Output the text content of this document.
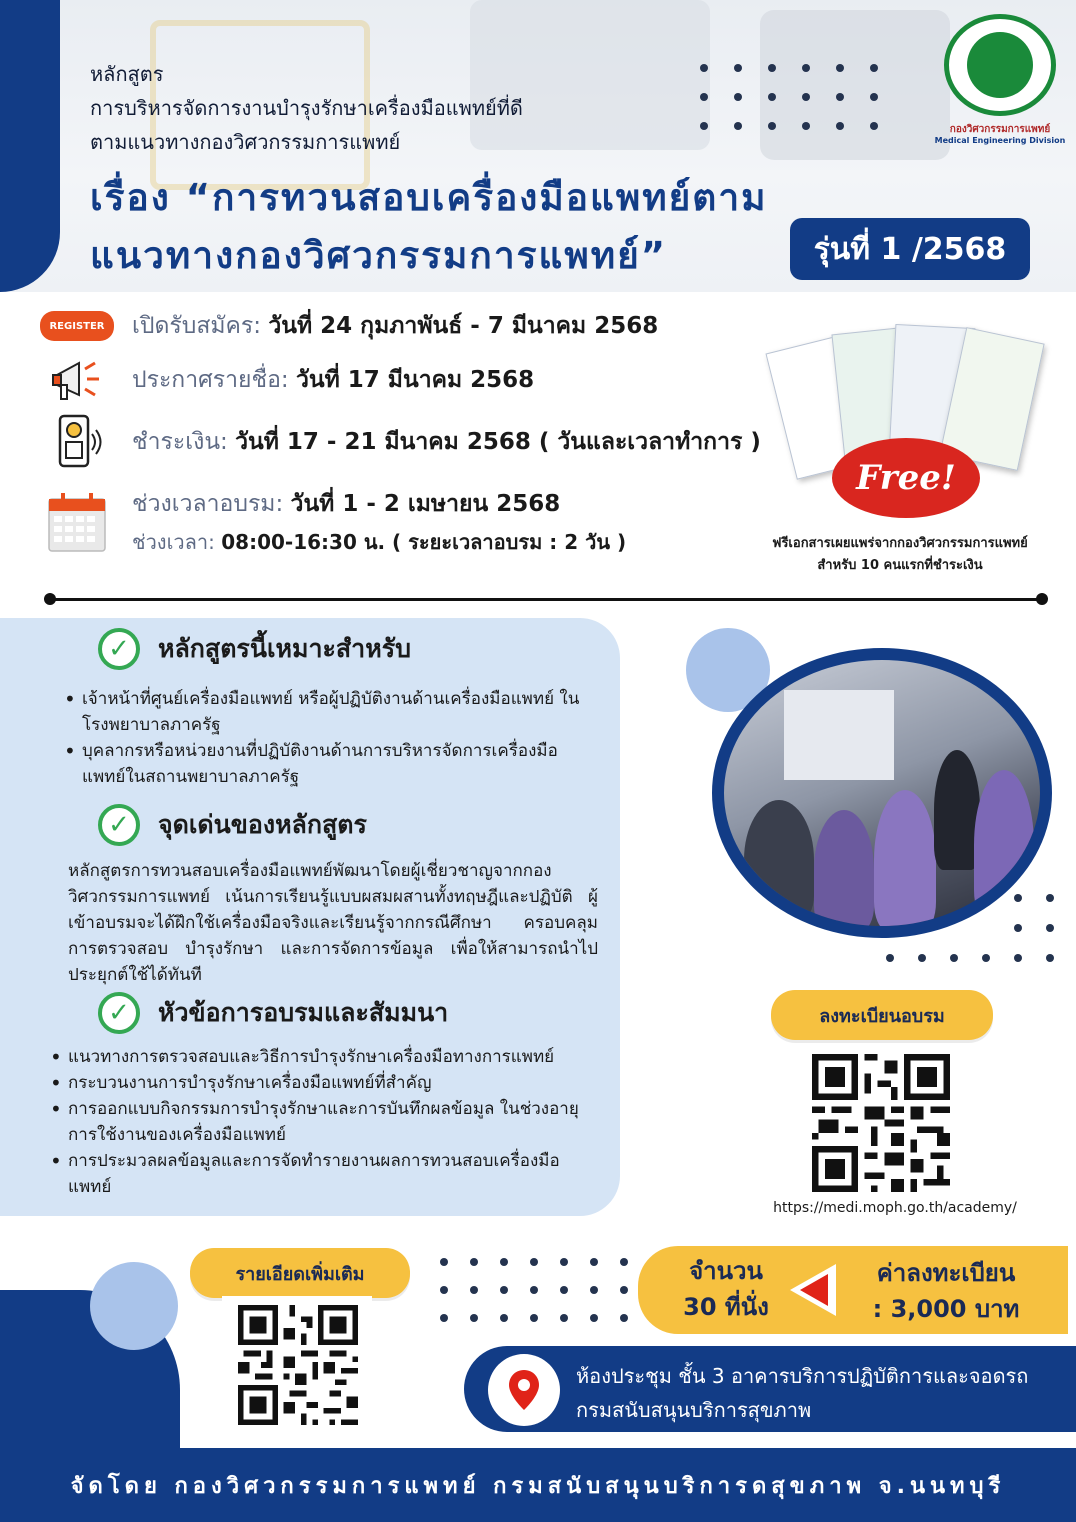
หลักสูตร
การบริหารจัดการงานบำรุงรักษาเครื่องมือแพทย์ที่ดี
ตามแนวทางกองวิศวกรรมการแพทย์
เรื่อง “การทวนสอบเครื่องมือแพทย์ตาม
แนวทางกองวิศวกรรมการแพทย์”	รุ่นที่ 1 /2568
กองวิศวกรรมการแพทย์
Medical Engineering Division
REGISTER	เปิดรับสมัคร: วันที่ 24 กุมภาพันธ์ - 7 มีนาคม 2568
ประกาศรายชื่อ: วันที่ 17 มีนาคม 2568
ชำระเงิน: วันที่ 17 - 21 มีนาคม 2568 ( วันและเวลาทำการ )
ช่วงเวลาอบรม: วันที่ 1 - 2 เมษายน 2568
ช่วงเวลา: 08:00-16:30 น. ( ระยะเวลาอบรม : 2 วัน )
Free!
ฟรีเอกสารเผยแพร่จากกองวิศวกรรมการแพทย์
สำหรับ 10 คนแรกที่ชำระเงิน
✓	หลักสูตรนี้เหมาะสำหรับ
• เจ้าหน้าที่ศูนย์เครื่องมือแพทย์ หรือผู้ปฏิบัติงานด้านเครื่องมือแพทย์ ในโรงพยาบาลภาครัฐ
• บุคลากรหรือหน่วยงานที่ปฏิบัติงานด้านการบริหารจัดการเครื่องมือ แพทย์ในสถานพยาบาลภาครัฐ
✓	จุดเด่นของหลักสูตร
หลักสูตรการทวนสอบเครื่องมือแพทย์พัฒนาโดยผู้เชี่ยวชาญจากกองวิศวกรรมการแพทย์ เน้นการเรียนรู้แบบผสมผสานทั้งทฤษฎีและปฏิบัติ ผู้เข้าอบรมจะได้ฝึกใช้เครื่องมือจริงและเรียนรู้จากกรณีศึกษา ครอบคลุม การตรวจสอบ บำรุงรักษา และการจัดการข้อมูล เพื่อให้สามารถนำไปประยุกต์ใช้ได้ทันที
✓	หัวข้อการอบรมและสัมมนา
• แนวทางการตรวจสอบและวิธีการบำรุงรักษาเครื่องมือทางการแพทย์
• กระบวนงานการบำรุงรักษาเครื่องมือแพทย์ที่สำคัญ
• การออกแบบกิจกรรมการบำรุงรักษาและการบันทึกผลข้อมูล ในช่วงอายุการใช้งานของเครื่องมือแพทย์
• การประมวลผลข้อมูลและการจัดทำรายงานผลการทวนสอบเครื่องมือแพทย์
ลงทะเบียนอบรม
https://medi.moph.go.th/academy/
รายเอียดเพิ่มเติม	จำนวน
30 ที่นั่ง
ค่าลงทะเบียน
: 3,000 บาท
ห้องประชุม ชั้น 3 อาคารบริการปฏิบัติการและจอดรถ
กรมสนับสนุนบริการสุขภาพ
จัดโดย กองวิศวกรรมการแพทย์ กรมสนับสนุนบริการดสุขภาพ จ.นนทบุรี
